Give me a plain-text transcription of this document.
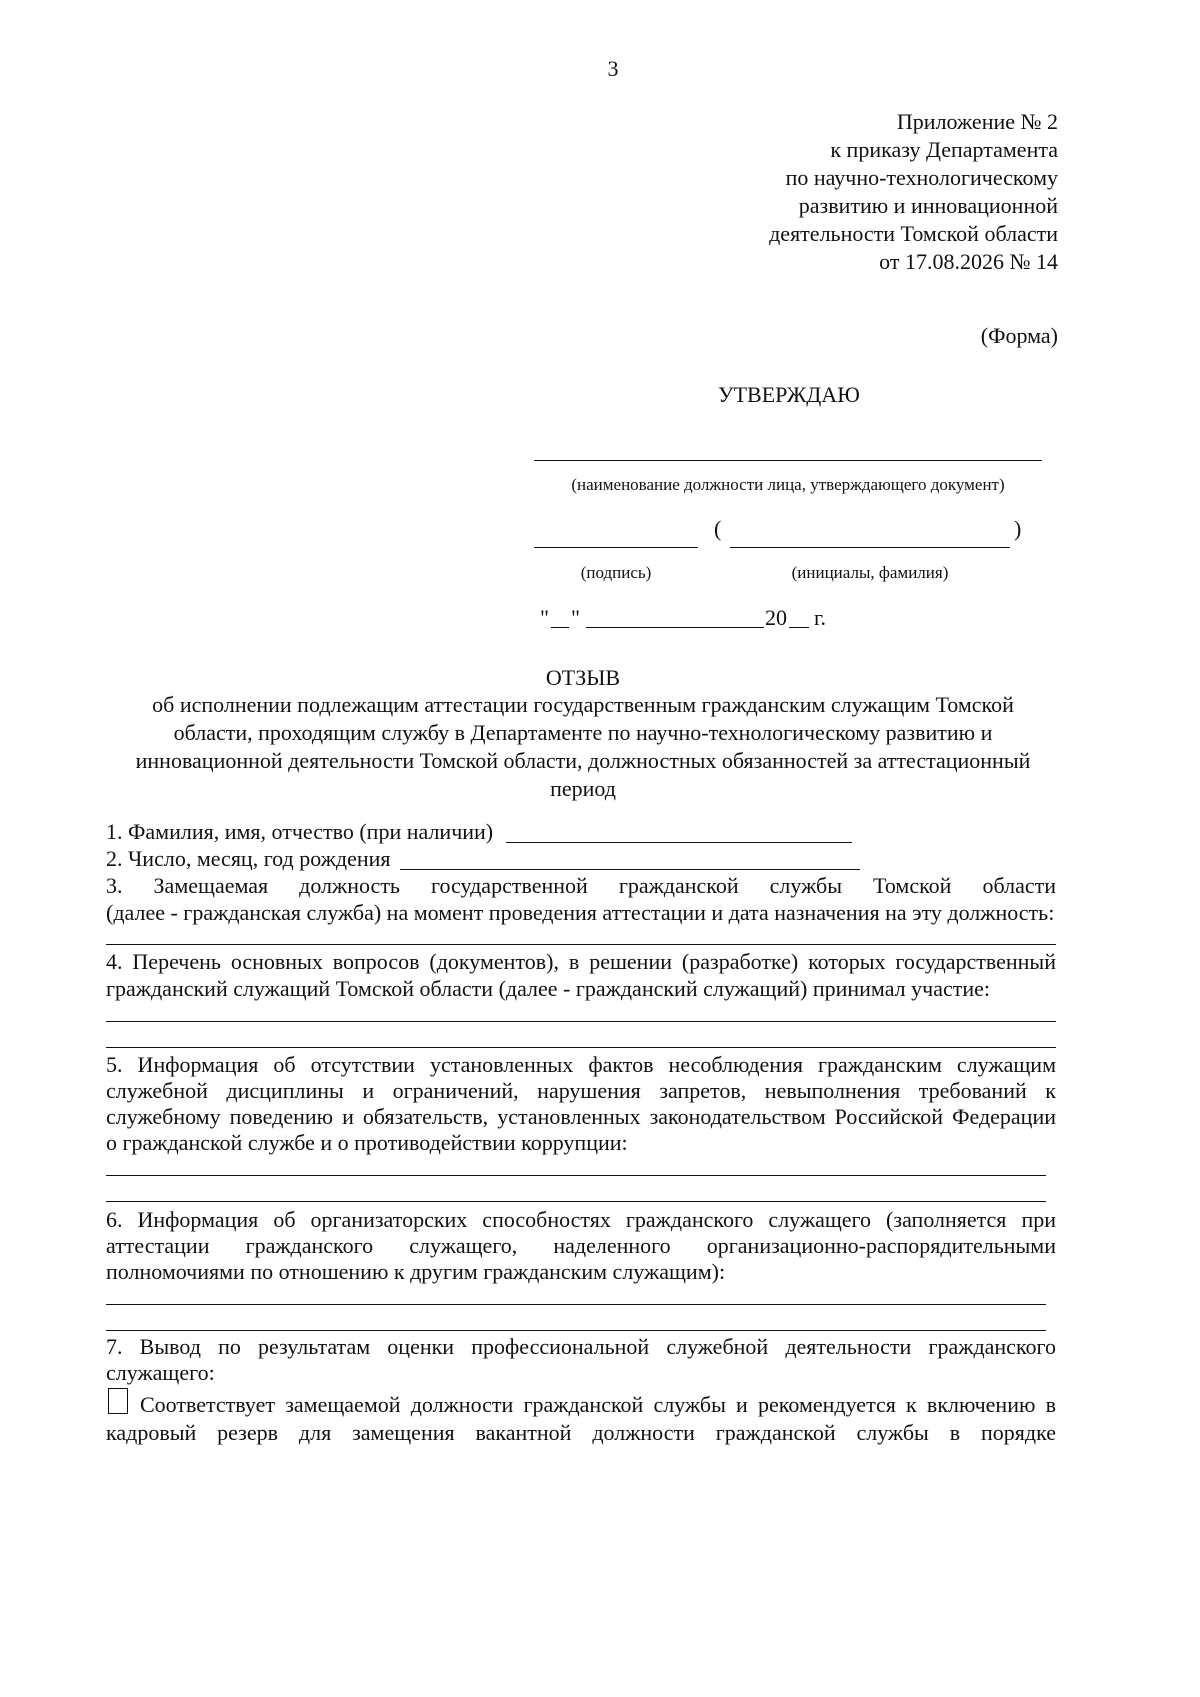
3
Приложение № 2
к приказу Департамента
по научно-технологическому
развитию и инновационной
деятельности Томской области
от 17.08.2026 № 14
(Форма)
УТВЕРЖДАЮ
(наименование должности лица, утверждающего документ)
(	)
(подпись)	(инициалы, фамилия)
" "	20 г.
ОТЗЫВ
об исполнении подлежащим аттестации государственным гражданским служащим Томской
области, проходящим службу в Департаменте по научно-технологическому развитию и
инновационной деятельности Томской области, должностных обязанностей за аттестационный
период
1. Фамилия, имя, отчество (при наличии)
2. Число, месяц, год рождения
3. Замещаемая должность государственной гражданской службы Томской области
(далее - гражданская служба) на момент проведения аттестации и дата назначения на эту должность:
4. Перечень основных вопросов (документов), в решении (разработке) которых государственный
гражданский служащий Томской области (далее - гражданский служащий) принимал участие:
5. Информация об отсутствии установленных фактов несоблюдения гражданским служащим
служебной дисциплины и ограничений, нарушения запретов, невыполнения требований к
служебному поведению и обязательств, установленных законодательством Российской Федерации
о гражданской службе и о противодействии коррупции:
6. Информация об организаторских способностях гражданского служащего (заполняется при
аттестации гражданского служащего, наделенного организационно-распорядительными
полномочиями по отношению к другим гражданским служащим):
7. Вывод по результатам оценки профессиональной служебной деятельности гражданского
служащего:
Соответствует замещаемой должности гражданской службы и рекомендуется к включению в
кадровый резерв для замещения вакантной должности гражданской службы в порядке
